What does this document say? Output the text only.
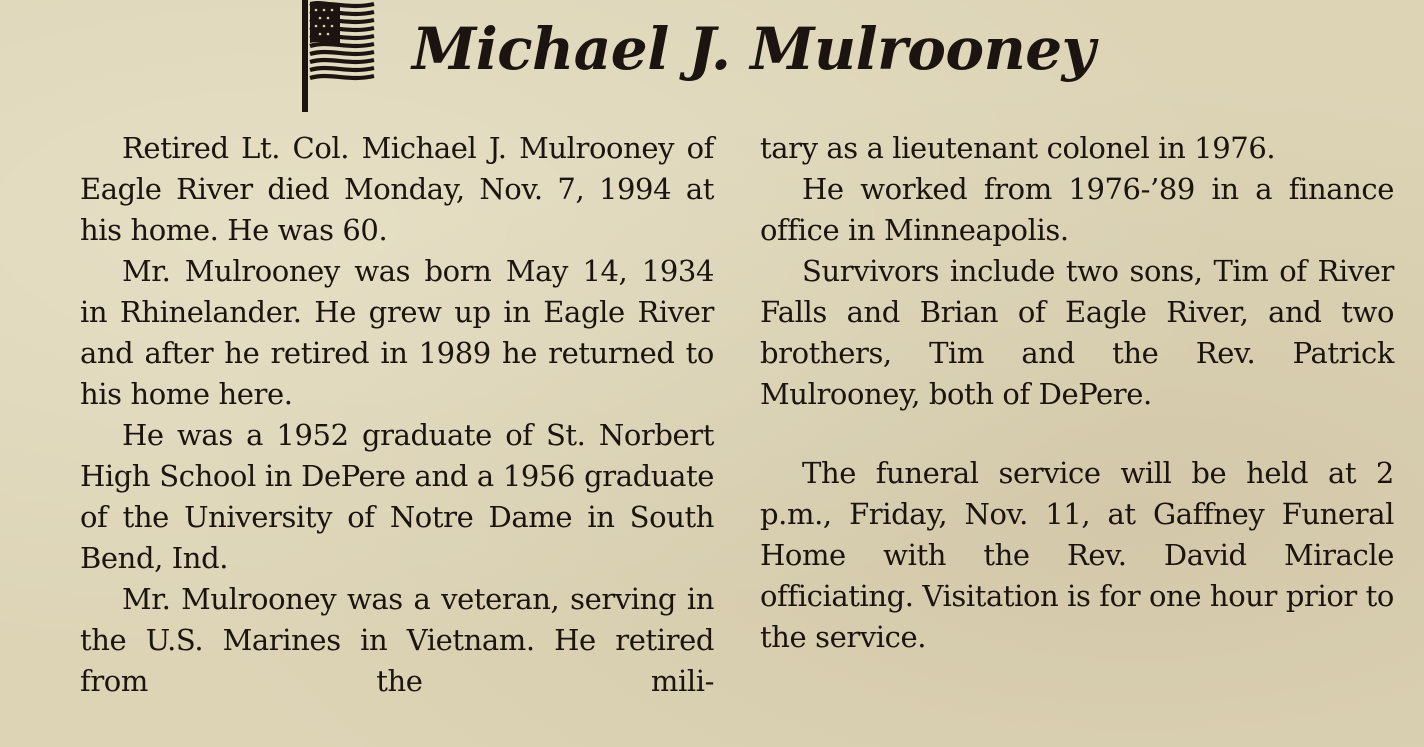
Michael J. Mulrooney

Retired Lt. Col. Michael J. Mulrooney of Eagle River died Monday, Nov. 7, 1994 at his home. He was 60.

Mr. Mulrooney was born May 14, 1934 in Rhinelander. He grew up in Eagle River and after he retired in 1989 he returned to his home here.

He was a 1952 graduate of St. Norbert High School in DePere and a 1956 graduate of the University of Notre Dame in South Bend, Ind.

Mr. Mulrooney was a veteran, serving in the U.S. Marines in Vietnam. He retired from the mili-

tary as a lieutenant colonel in 1976.

He worked from 1976-’89 in a finance office in Minneapolis.

Survivors include two sons, Tim of River Falls and Brian of Eagle River, and two brothers, Tim and the Rev. Patrick Mulrooney, both of DePere.

The funeral service will be held at 2 p.m., Friday, Nov. 11, at Gaffney Funeral Home with the Rev. David Miracle officiating. Visitation is for one hour prior to the service.
